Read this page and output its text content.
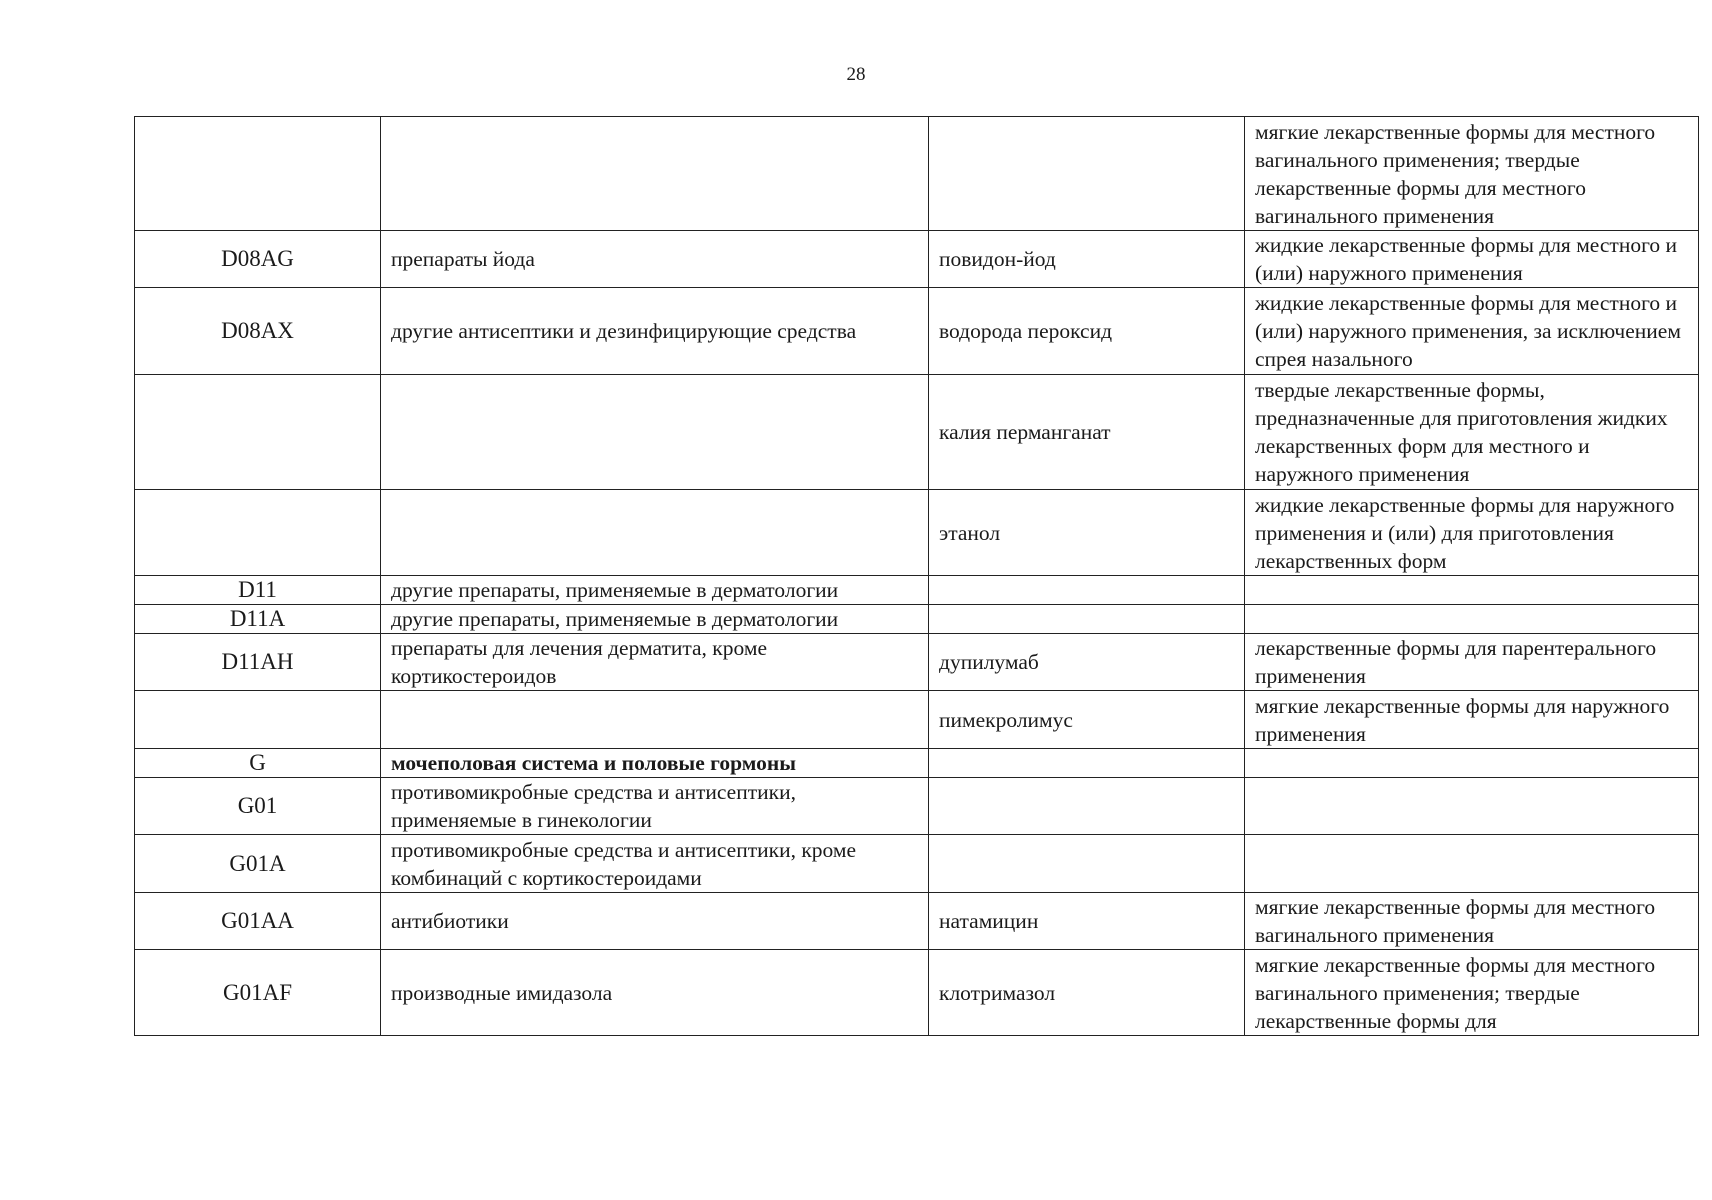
28
			мягкие лекарственные формы для местного вагинального применения; твердые лекарственные формы для местного вагинального применения
D08AG	препараты йода	повидон-йод	жидкие лекарственные формы для местного и (или) наружного применения
D08AX	другие антисептики и дезинфицирующие средства	водорода пероксид	жидкие лекарственные формы для местного и (или) наружного применения, за исключением спрея назального
		калия перманганат	твердые лекарственные формы, предназначенные для приготовления жидких лекарственных форм для местного и наружного применения
		этанол	жидкие лекарственные формы для наружного применения и (или) для приготовления лекарственных форм
D11	другие препараты, применяемые в дерматологии		
D11A	другие препараты, применяемые в дерматологии		
D11AH	препараты для лечения дерматита, кроме кортикостероидов	дупилумаб	лекарственные формы для парентерального применения
		пимекролимус	мягкие лекарственные формы для наружного применения
G	мочеполовая система и половые гормоны		
G01	противомикробные средства и антисептики, применяемые в гинекологии		
G01A	противомикробные средства и антисептики, кроме комбинаций с кортикостероидами		
G01AA	антибиотики	натамицин	мягкие лекарственные формы для местного вагинального применения
G01AF	производные имидазола	клотримазол	мягкие лекарственные формы для местного вагинального применения; твердые лекарственные формы для
